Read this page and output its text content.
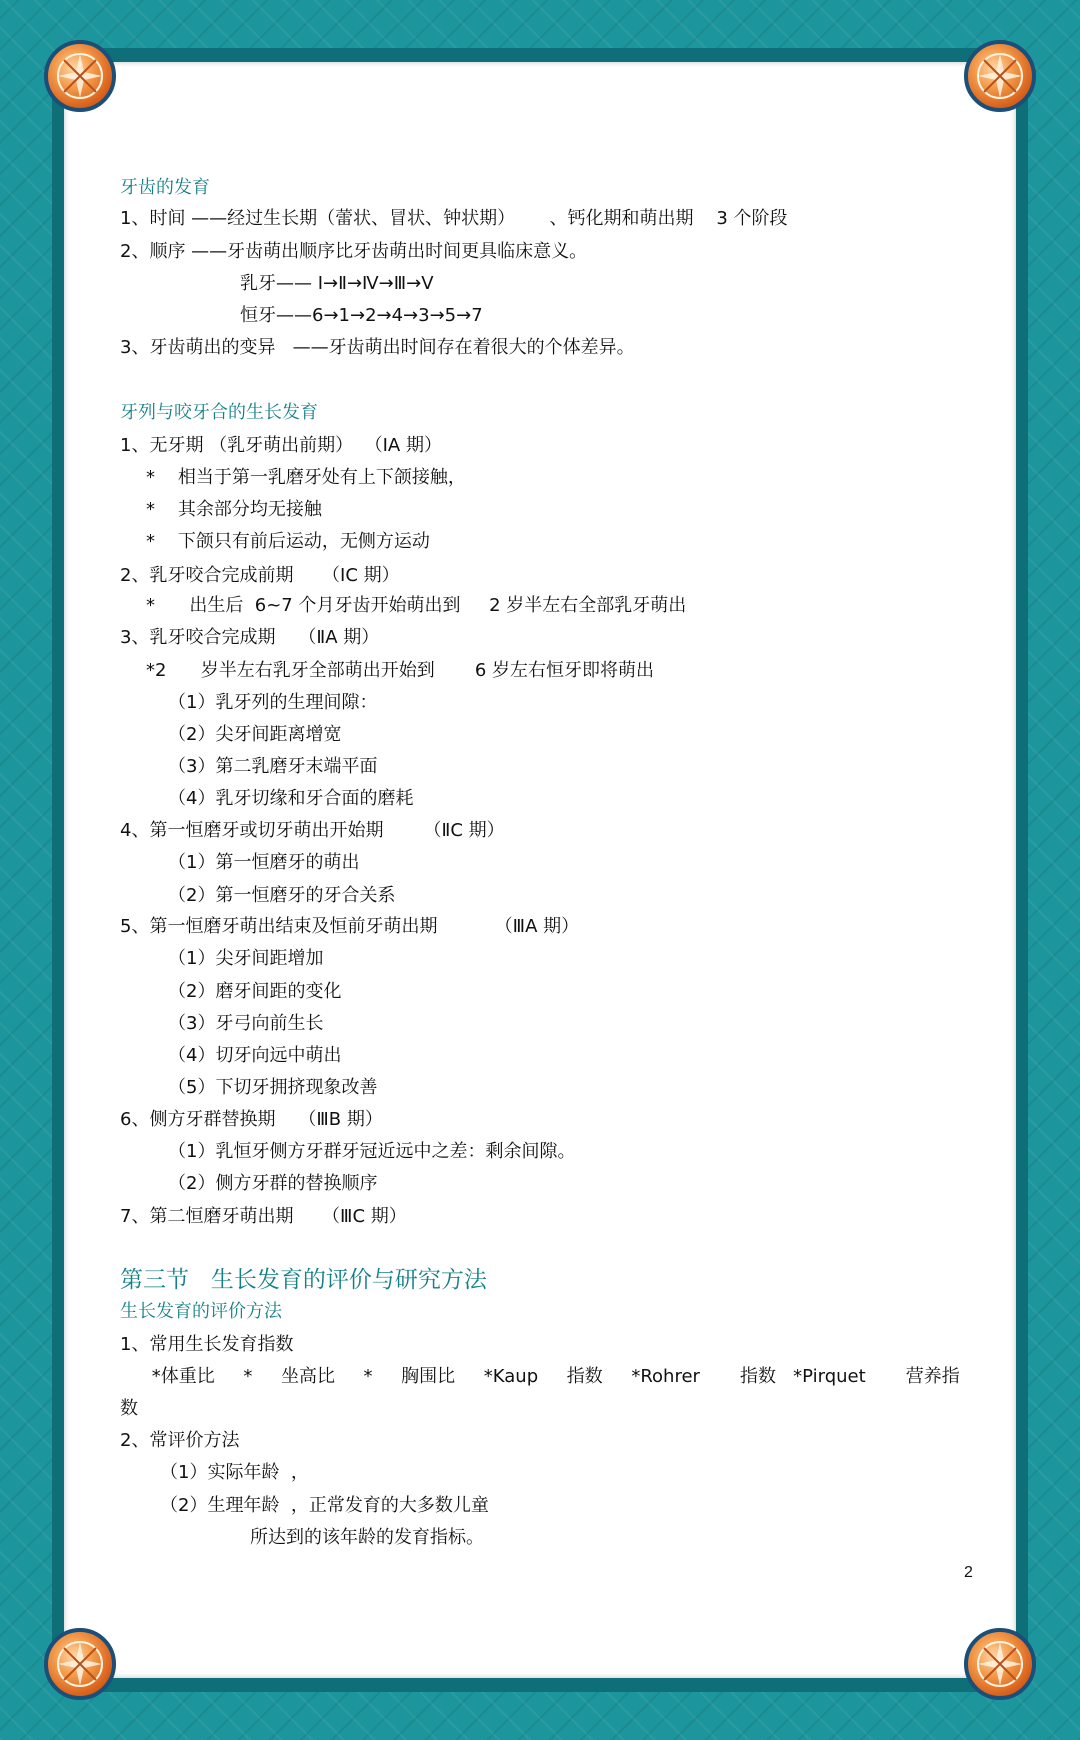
牙齿的发育
1、时间 ——经过生长期（蕾状、冒状、钟状期）      、钙化期和萌出期    3 个阶段
2、顺序 ——牙齿萌出顺序比牙齿萌出时间更具临床意义。
乳牙—— Ⅰ→Ⅱ→Ⅳ→Ⅲ→Ⅴ
恒牙——6→1→2→4→3→5→7
3、牙齿萌出的变异   ——牙齿萌出时间存在着很大的个体差异。
牙列与咬牙合的生长发育
1、无牙期 （乳牙萌出前期）  （ⅠA 期）
*    相当于第一乳磨牙处有上下颌接触，
*    其余部分均无接触
*    下颌只有前后运动，无侧方运动
2、乳牙咬合完成前期     （ⅠC 期）
*      出生后  6~7 个月牙齿开始萌出到     2 岁半左右全部乳牙萌出
3、乳牙咬合完成期    （ⅡA 期）
*2      岁半左右乳牙全部萌出开始到       6 岁左右恒牙即将萌出
（1）乳牙列的生理间隙：
（2）尖牙间距离增宽
（3）第二乳磨牙末端平面
（4）乳牙切缘和牙合面的磨耗
4、第一恒磨牙或切牙萌出开始期       （ⅡC 期）
（1）第一恒磨牙的萌出
（2）第一恒磨牙的牙合关系
5、第一恒磨牙萌出结束及恒前牙萌出期          （ⅢA 期）
（1）尖牙间距增加
（2）磨牙间距的变化
（3）牙弓向前生长
（4）切牙向远中萌出
（5）下切牙拥挤现象改善
6、侧方牙群替换期    （ⅢB 期）
（1）乳恒牙侧方牙群牙冠近远中之差：剩余间隙。
（2）侧方牙群的替换顺序
7、第二恒磨牙萌出期     （ⅢC 期）
第三节   生长发育的评价与研究方法
生长发育的评价方法
1、常用生长发育指数
*体重比     *     坐高比     *     胸围比     *Kaup     指数     *Rohrer       指数   *Pirquet       营养指
数
2、常评价方法
（1）实际年龄  ，
（2）生理年龄  ，正常发育的大多数儿童
所达到的该年龄的发育指标。
2
